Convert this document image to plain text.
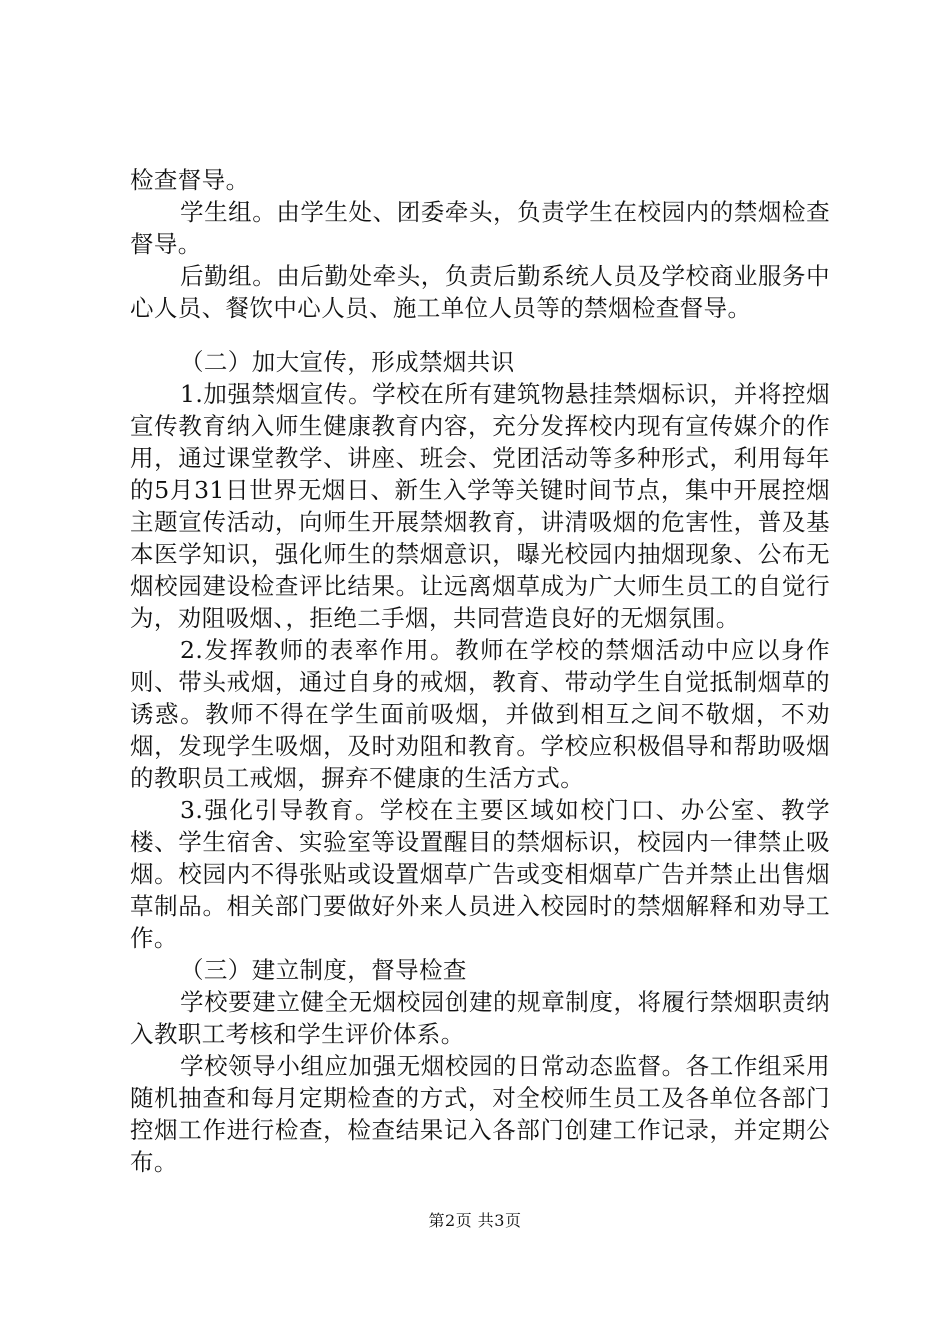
检查督导。

学生组。由学生处、团委牵头，负责学生在校园内的禁烟检查督导。

后勤组。由后勤处牵头，负责后勤系统人员及学校商业服务中心人员、餐饮中心人员、施工单位人员等的禁烟检查督导。

（二）加大宣传，形成禁烟共识

1.加强禁烟宣传。学校在所有建筑物悬挂禁烟标识，并将控烟宣传教育纳入师生健康教育内容，充分发挥校内现有宣传媒介的作用，通过课堂教学、讲座、班会、党团活动等多种形式，利用每年的5月31日世界无烟日、新生入学等关键时间节点，集中开展控烟主题宣传活动，向师生开展禁烟教育，讲清吸烟的危害性，普及基本医学知识，强化师生的禁烟意识，曝光校园内抽烟现象、公布无烟校园建设检查评比结果。让远离烟草成为广大师生员工的自觉行为，劝阻吸烟、，拒绝二手烟，共同营造良好的无烟氛围。

2.发挥教师的表率作用。教师在学校的禁烟活动中应以身作则、带头戒烟，通过自身的戒烟，教育、带动学生自觉抵制烟草的诱惑。教师不得在学生面前吸烟，并做到相互之间不敬烟，不劝烟，发现学生吸烟，及时劝阻和教育。学校应积极倡导和帮助吸烟的教职员工戒烟，摒弃不健康的生活方式。

3.强化引导教育。学校在主要区域如校门口、办公室、教学楼、学生宿舍、实验室等设置醒目的禁烟标识，校园内一律禁止吸烟。校园内不得张贴或设置烟草广告或变相烟草广告并禁止出售烟草制品。相关部门要做好外来人员进入校园时的禁烟解释和劝导工作。

（三）建立制度，督导检查

学校要建立健全无烟校园创建的规章制度，将履行禁烟职责纳入教职工考核和学生评价体系。

学校领导小组应加强无烟校园的日常动态监督。各工作组采用随机抽查和每月定期检查的方式，对全校师生员工及各单位各部门控烟工作进行检查，检查结果记入各部门创建工作记录，并定期公布。

第2页 共3页
